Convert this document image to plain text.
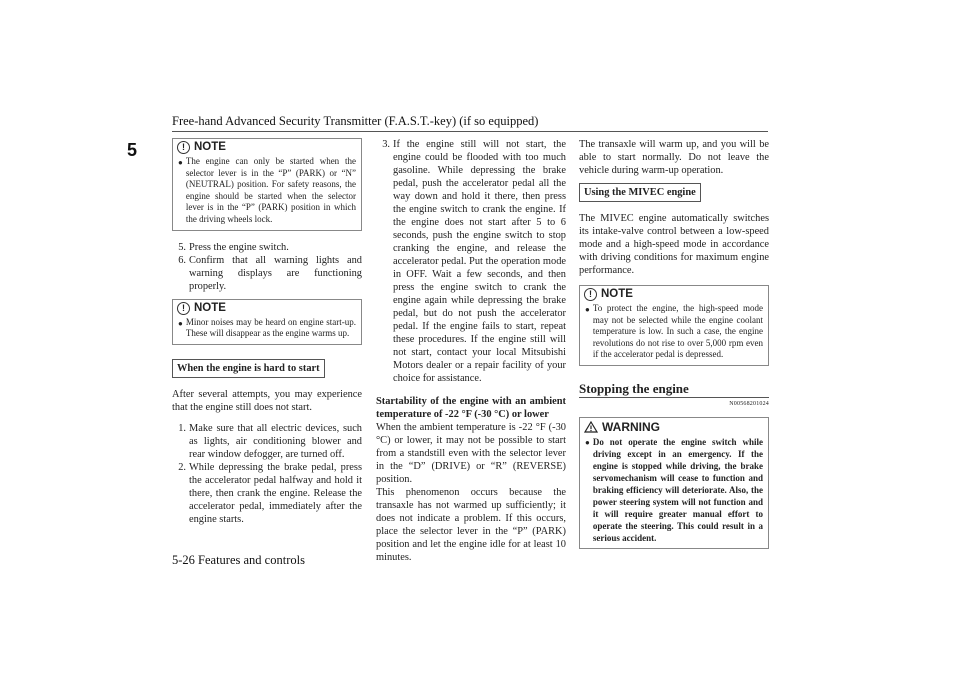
Free-hand Advanced Security Transmitter (F.A.S.T.-key) (if so equipped)
5	! NOTE
● The engine can only be started when the selector lever is in the “P” (PARK) or “N” (NEUTRAL) position. For safety reasons, the engine should be started when the selector lever is in the “P” (PARK) position in which the driving wheels lock.
5. Press the engine switch.
6. Confirm that all warning lights and warning displays are functioning properly.
! NOTE
● Minor noises may be heard on engine start-up. These will disappear as the engine warms up.
When the engine is hard to start
After several attempts, you may experience that the engine still does not start.
1. Make sure that all electric devices, such as lights, air conditioning blower and rear window defogger, are turned off.
2. While depressing the brake pedal, press the accelerator pedal halfway and hold it there, then crank the engine. Release the accelerator pedal, immediately after the engine starts.
3. If the engine still will not start, the engine could be flooded with too much gasoline. While depressing the brake pedal, push the accelerator pedal all the way down and hold it there, then press the engine switch to crank the engine. If the engine does not start after 5 to 6 seconds, push the engine switch to stop cranking the engine, and release the accelerator pedal. Put the operation mode in OFF. Wait a few seconds, and then press the engine switch to crank the engine again while depressing the brake pedal, but do not push the accelerator pedal. If the engine fails to start, repeat these procedures. If the engine still will not start, contact your local Mitsubishi Motors dealer or a repair facility of your choice for assistance.
Startability of the engine with an ambient temperature of -22 °F (-30 °C) or lower
When the ambient temperature is -22 °F (-30 °C) or lower, it may not be possible to start from a standstill even with the selector lever in the “D” (DRIVE) or “R” (REVERSE) position.
This phenomenon occurs because the transaxle has not warmed up sufficiently; it does not indicate a problem. If this occurs, place the selector lever in the “P” (PARK) position and let the engine idle for at least 10 minutes.
The transaxle will warm up, and you will be able to start normally. Do not leave the vehicle during warm-up operation.
Using the MIVEC engine
The MIVEC engine automatically switches its intake-valve control between a low-speed mode and a high-speed mode in accordance with driving conditions for maximum engine performance.
! NOTE
● To protect the engine, the high-speed mode may not be selected while the engine coolant temperature is low. In such a case, the engine revolutions do not rise to over 5,000 rpm even if the accelerator pedal is depressed.
Stopping the engine
N00568201024
WARNING
● Do not operate the engine switch while driving except in an emergency. If the engine is stopped while driving, the brake servomechanism will cease to function and braking efficiency will deteriorate. Also, the power steering system will not function and it will require greater manual effort to operate the steering. This could result in a serious accident.
5-26 Features and controls
